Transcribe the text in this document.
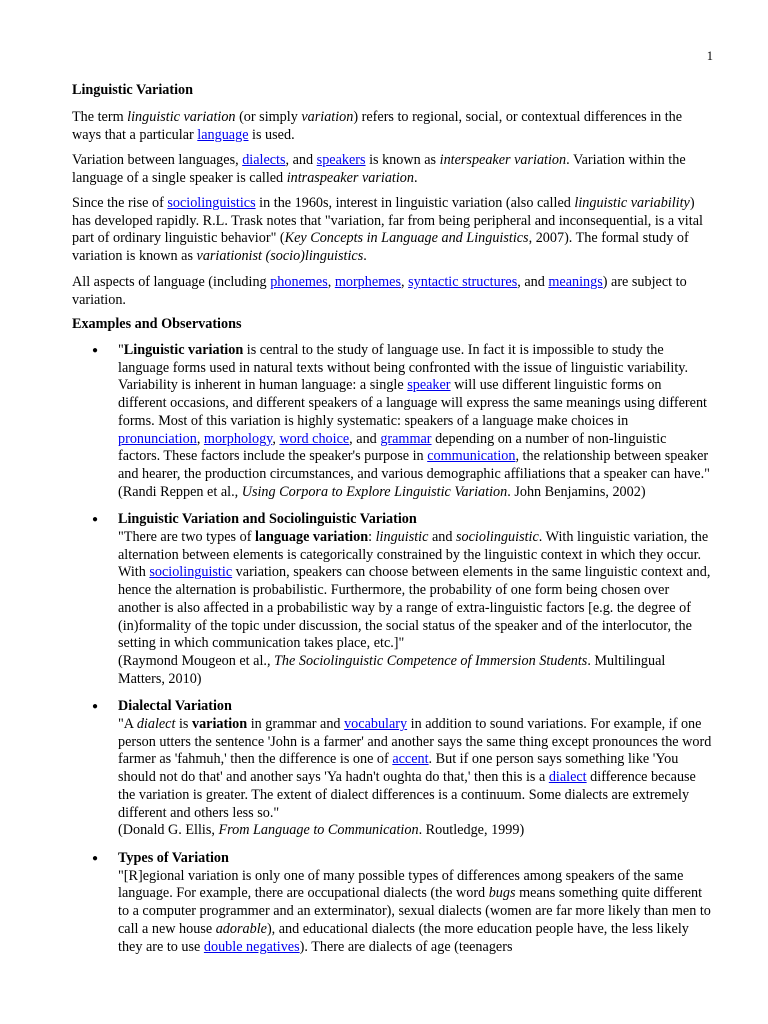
1
Linguistic Variation

The term linguistic variation (or simply variation) refers to regional, social, or contextual differences in the ways that a particular language is used.

Variation between languages, dialects, and speakers is known as interspeaker variation. Variation within the language of a single speaker is called intraspeaker variation.

Since the rise of sociolinguistics in the 1960s, interest in linguistic variation (also called linguistic variability) has developed rapidly. R.L. Trask notes that "variation, far from being peripheral and inconsequential, is a vital part of ordinary linguistic behavior" (Key Concepts in Language and Linguistics, 2007). The formal study of variation is known as variationist (socio)linguistics.

All aspects of language (including phonemes, morphemes, syntactic structures, and meanings) are subject to variation.

Examples and Observations
● "Linguistic variation is central to the study of language use. In fact it is impossible to study the language forms used in natural texts without being confronted with the issue of linguistic variability. Variability is inherent in human language: a single speaker will use different linguistic forms on different occasions, and different speakers of a language will express the same meanings using different forms. Most of this variation is highly systematic: speakers of a language make choices in pronunciation, morphology, word choice, and grammar depending on a number of non-linguistic factors. These factors include the speaker's purpose in communication, the relationship between speaker and hearer, the production circumstances, and various demographic affiliations that a speaker can have."
(Randi Reppen et al., Using Corpora to Explore Linguistic Variation. John Benjamins, 2002)
● Linguistic Variation and Sociolinguistic Variation
"There are two types of language variation: linguistic and sociolinguistic. With linguistic variation, the alternation between elements is categorically constrained by the linguistic context in which they occur. With sociolinguistic variation, speakers can choose between elements in the same linguistic context and, hence the alternation is probabilistic. Furthermore, the probability of one form being chosen over another is also affected in a probabilistic way by a range of extra-linguistic factors [e.g. the degree of (in)formality of the topic under discussion, the social status of the speaker and of the interlocutor, the setting in which communication takes place, etc.]"
(Raymond Mougeon et al., The Sociolinguistic Competence of Immersion Students. Multilingual Matters, 2010)
● Dialectal Variation
"A dialect is variation in grammar and vocabulary in addition to sound variations. For example, if one person utters the sentence 'John is a farmer' and another says the same thing except pronounces the word farmer as 'fahmuh,' then the difference is one of accent. But if one person says something like 'You should not do that' and another says 'Ya hadn't oughta do that,' then this is a dialect difference because the variation is greater. The extent of dialect differences is a continuum. Some dialects are extremely different and others less so."
(Donald G. Ellis, From Language to Communication. Routledge, 1999)
● Types of Variation
"[R]egional variation is only one of many possible types of differences among speakers of the same language. For example, there are occupational dialects (the word bugs means something quite different to a computer programmer and an exterminator), sexual dialects (women are far more likely than men to call a new house adorable), and educational dialects (the more education people have, the less likely they are to use double negatives). There are dialects of age (teenagers
